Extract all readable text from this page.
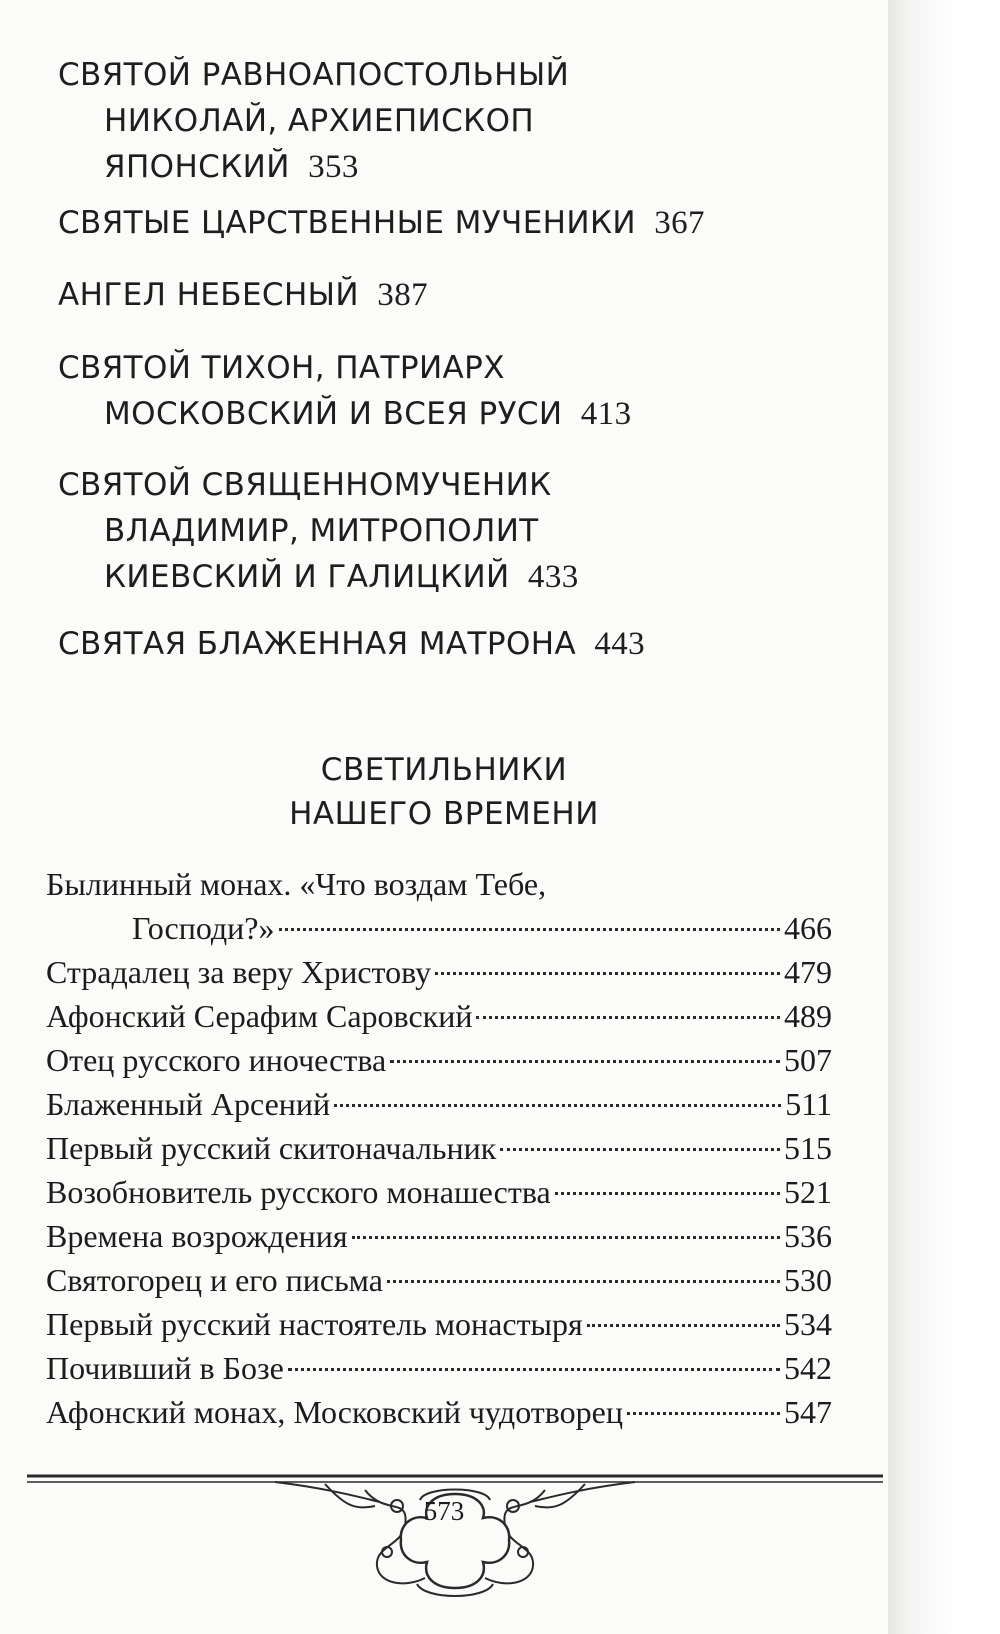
СВЯТОЙ РАВНОАПОСТОЛЬНЫЙ
НИКОЛАЙ, АРХИЕПИСКОП
ЯПОНСКИЙ 353
СВЯТЫЕ ЦАРСТВЕННЫЕ МУЧЕНИКИ 367
АНГЕЛ НЕБЕСНЫЙ 387
СВЯТОЙ ТИХОН, ПАТРИАРХ
МОСКОВСКИЙ И ВСЕЯ РУСИ 413
СВЯТОЙ СВЯЩЕННОМУЧЕНИК
ВЛАДИМИР, МИТРОПОЛИТ
КИЕВСКИЙ И ГАЛИЦКИЙ 433
СВЯТАЯ БЛАЖЕННАЯ МАТРОНА 443
СВЕТИЛЬНИКИ
НАШЕГО ВРЕМЕНИ
Былинный монах. «Что воздам Тебе,
Господи?»	466
Страдалец за веру Христову	479
Афонский Серафим Саровский	489
Отец русского иночества	507
Блаженный Арсений	511
Первый русский скитоначальник	515
Возобновитель русского монашества	521
Времена возрождения	536
Святогорец и его письма	530
Первый русский настоятель монастыря	534
Почивший в Бозе	542
Афонский монах, Московский чудотворец	547
573
